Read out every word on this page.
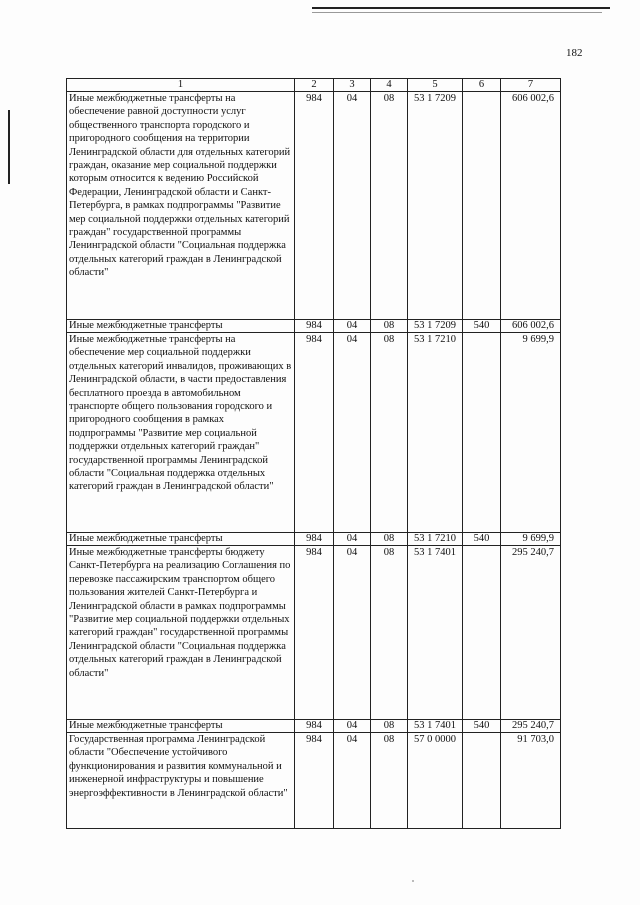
182
1	2	3	4	5	6	7
Иные межбюджетные трансферты на обеспечение равной доступности услуг общественного транспорта городского и пригородного сообщения на территории Ленинградской области для отдельных категорий граждан, оказание мер социальной поддержки которым относится к ведению Российской Федерации, Ленинградской области и Санкт-Петербурга, в рамках подпрограммы "Развитие мер социальной поддержки отдельных категорий граждан" государственной программы Ленинградской области "Социальная поддержка отдельных категорий граждан в Ленинградской области"	984	04	08	53 1 7209		606 002,6
Иные межбюджетные трансферты	984	04	08	53 1 7209	540	606 002,6
Иные межбюджетные трансферты на обеспечение мер социальной поддержки отдельных категорий инвалидов, проживающих в Ленинградской области, в части предоставления бесплатного проезда в автомобильном транспорте общего пользования городского и пригородного сообщения в рамках подпрограммы "Развитие мер социальной поддержки отдельных категорий граждан" государственной программы Ленинградской области "Социальная поддержка отдельных категорий граждан в Ленинградской области"	984	04	08	53 1 7210		9 699,9
Иные межбюджетные трансферты	984	04	08	53 1 7210	540	9 699,9
Иные межбюджетные трансферты бюджету Санкт-Петербурга на реализацию Соглашения по перевозке пассажирским транспортом общего пользования жителей Санкт-Петербурга и Ленинградской области в рамках подпрограммы "Развитие мер социальной поддержки отдельных категорий граждан" государственной программы Ленинградской области "Социальная поддержка отдельных категорий граждан в Ленинградской области"	984	04	08	53 1 7401		295 240,7
Иные межбюджетные трансферты	984	04	08	53 1 7401	540	295 240,7
Государственная программа Ленинградской области "Обеспечение устойчивого функционирования и развития коммунальной и инженерной инфраструктуры и повышение энергоэффективности в Ленинградской области"	984	04	08	57 0 0000		91 703,0
